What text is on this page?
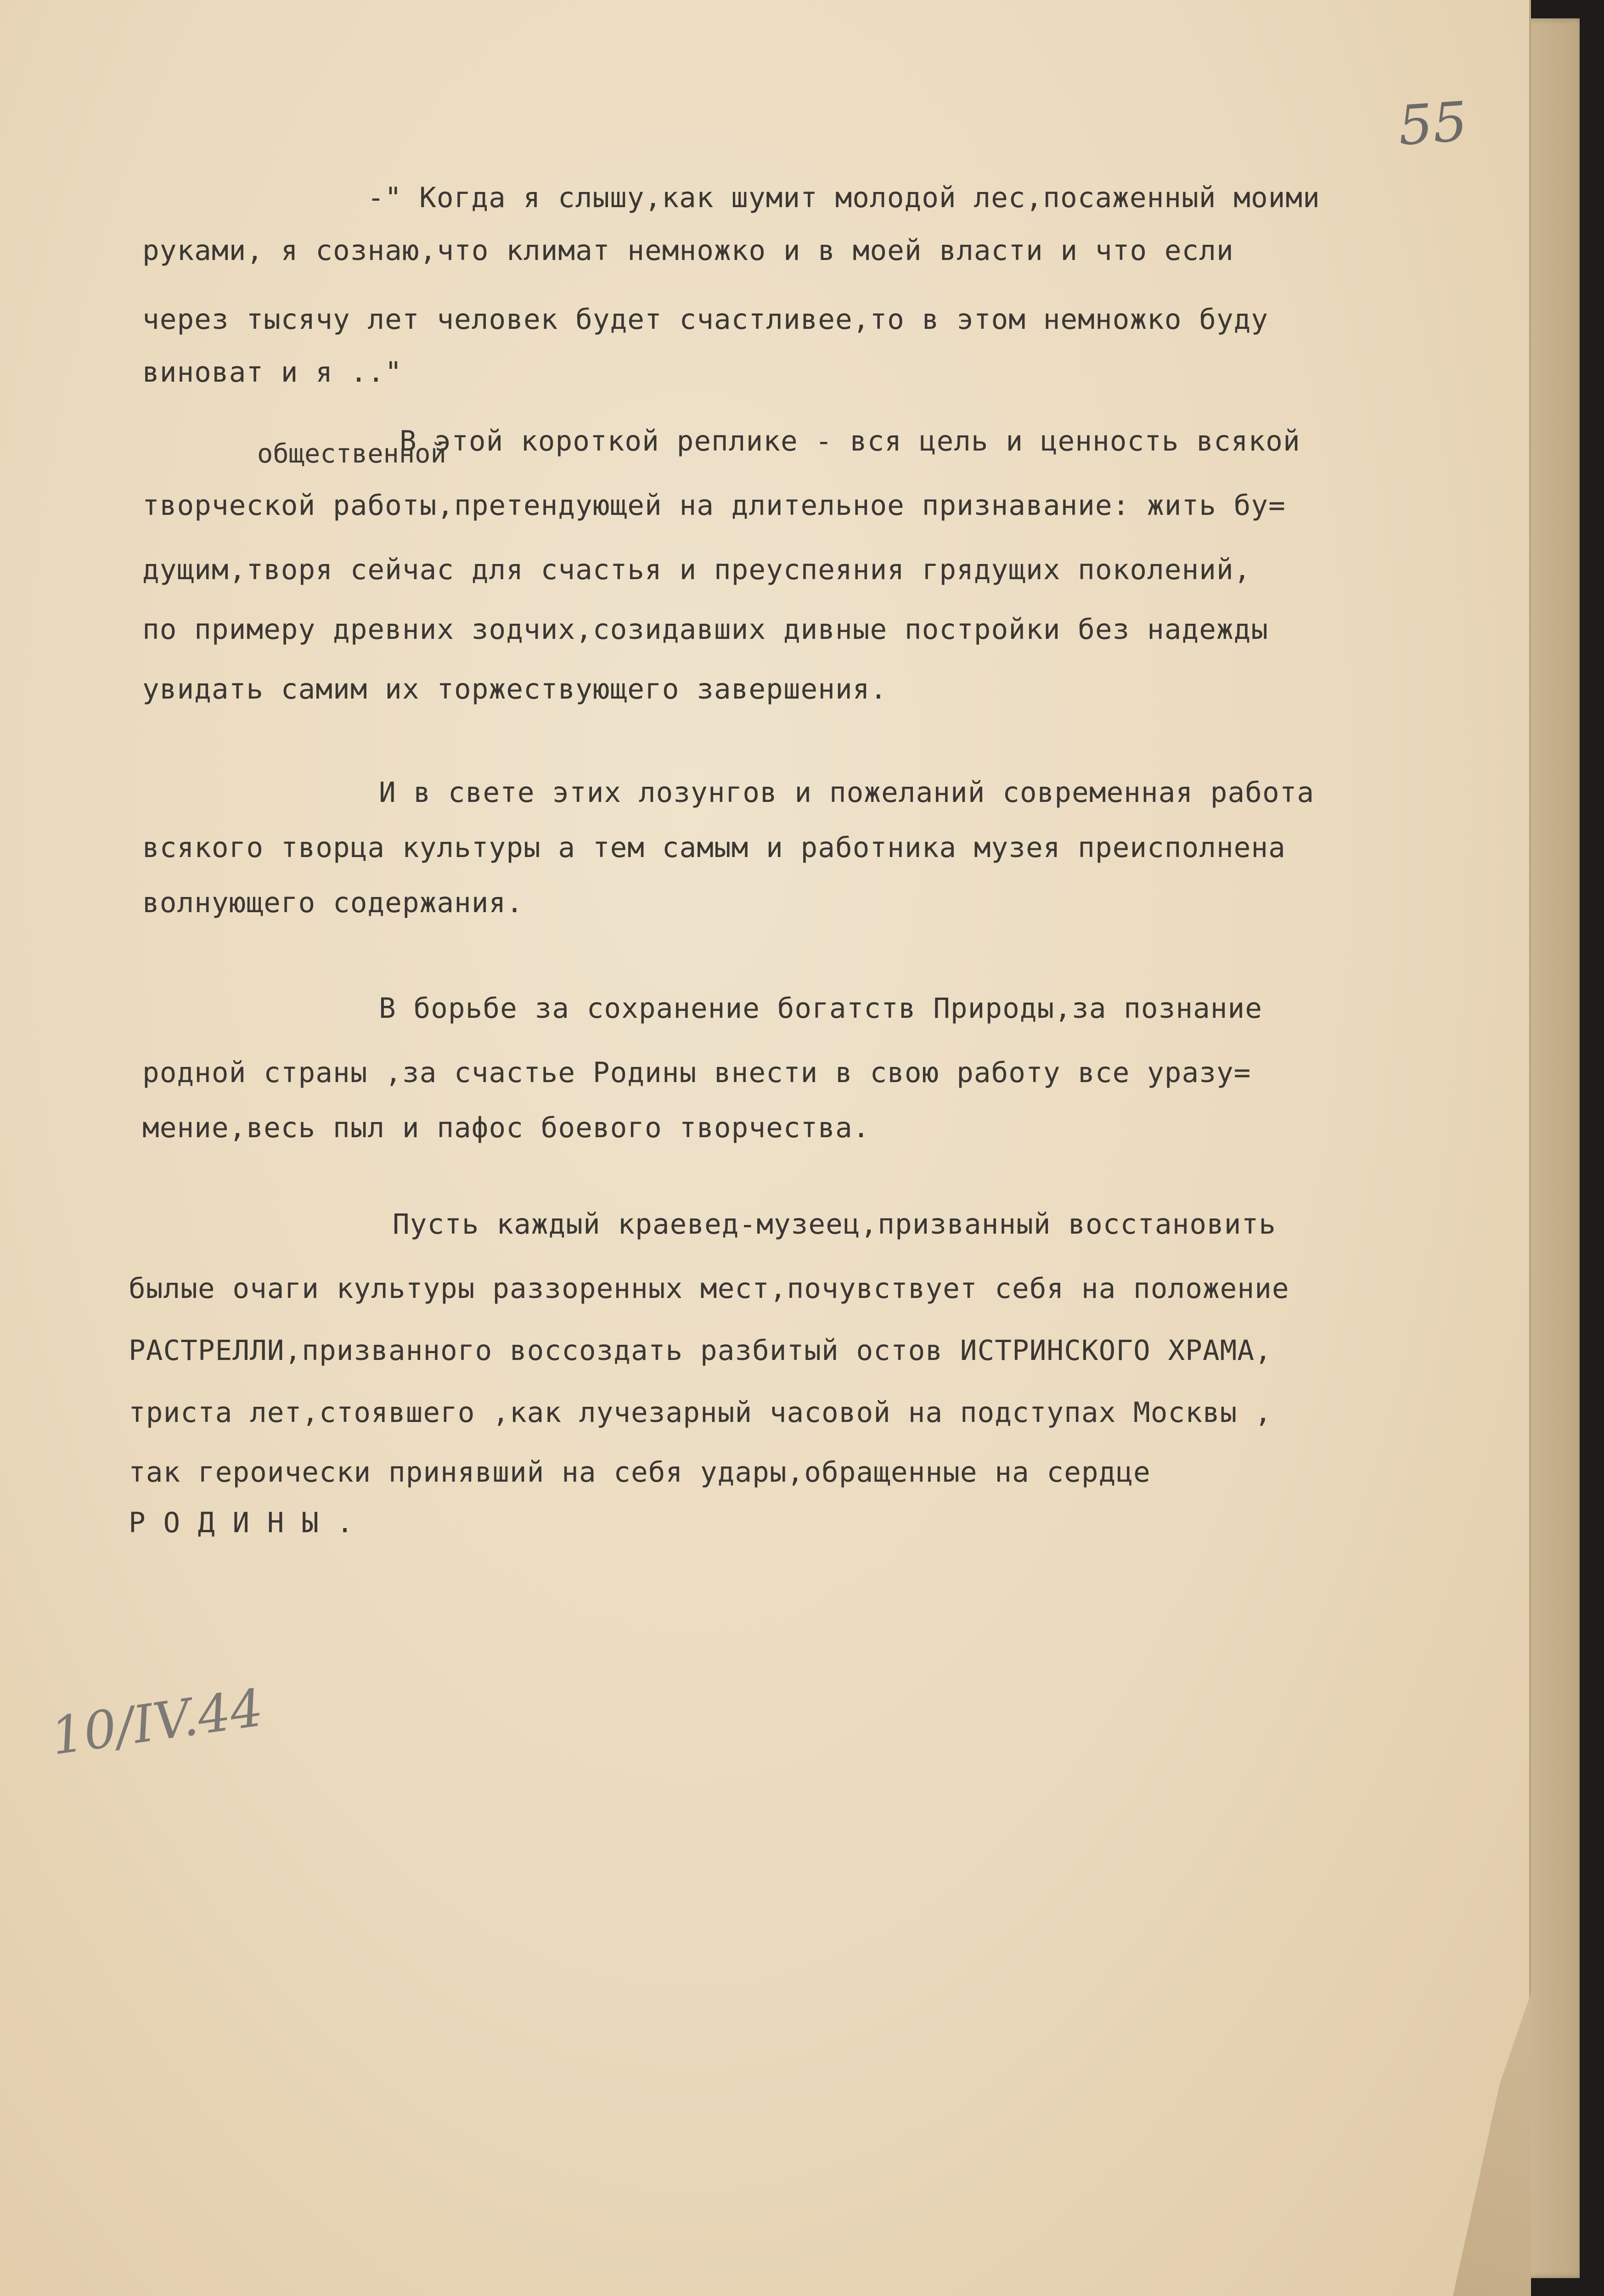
55
-" Когда я слышу,как шумит молодой лес,посаженный моими
руками, я сознаю,что климат немножко и в моей власти и что если
через тысячу лет человек будет счастливее,то в этом немножко буду
виноват и я .."
общественной
В этой короткой реплике - вся цель и ценность всякой
творческой работы,претендующей на длительное признавание: жить бу=
дущим,творя сейчас для счастья и преуспеяния грядущих поколений,
по примеру древних зодчих,созидавших дивные постройки без надежды
увидать самим их торжествующего завершения.
И в свете этих лозунгов и пожеланий современная работа
всякого творца культуры а тем самым и работника музея преисполнена
волнующего содержания.
В борьбе за сохранение богатств Природы,за познание
родной страны ,за счастье Родины внести в свою работу все уразу=
мение,весь пыл и пафос боевого творчества.
Пусть каждый краевед-музеец,призванный восстановить
былые очаги культуры раззоренных мест,почувствует себя на положение
РАСТРЕЛЛИ,призванного воссоздать разбитый остов ИСТРИНСКОГО ХРАМА,
триста лет,стоявшего ,как лучезарный часовой на подступах Москвы ,
так героически принявший на себя удары,обращенные на сердце
Р О Д И Н Ы .
10/IV.44
